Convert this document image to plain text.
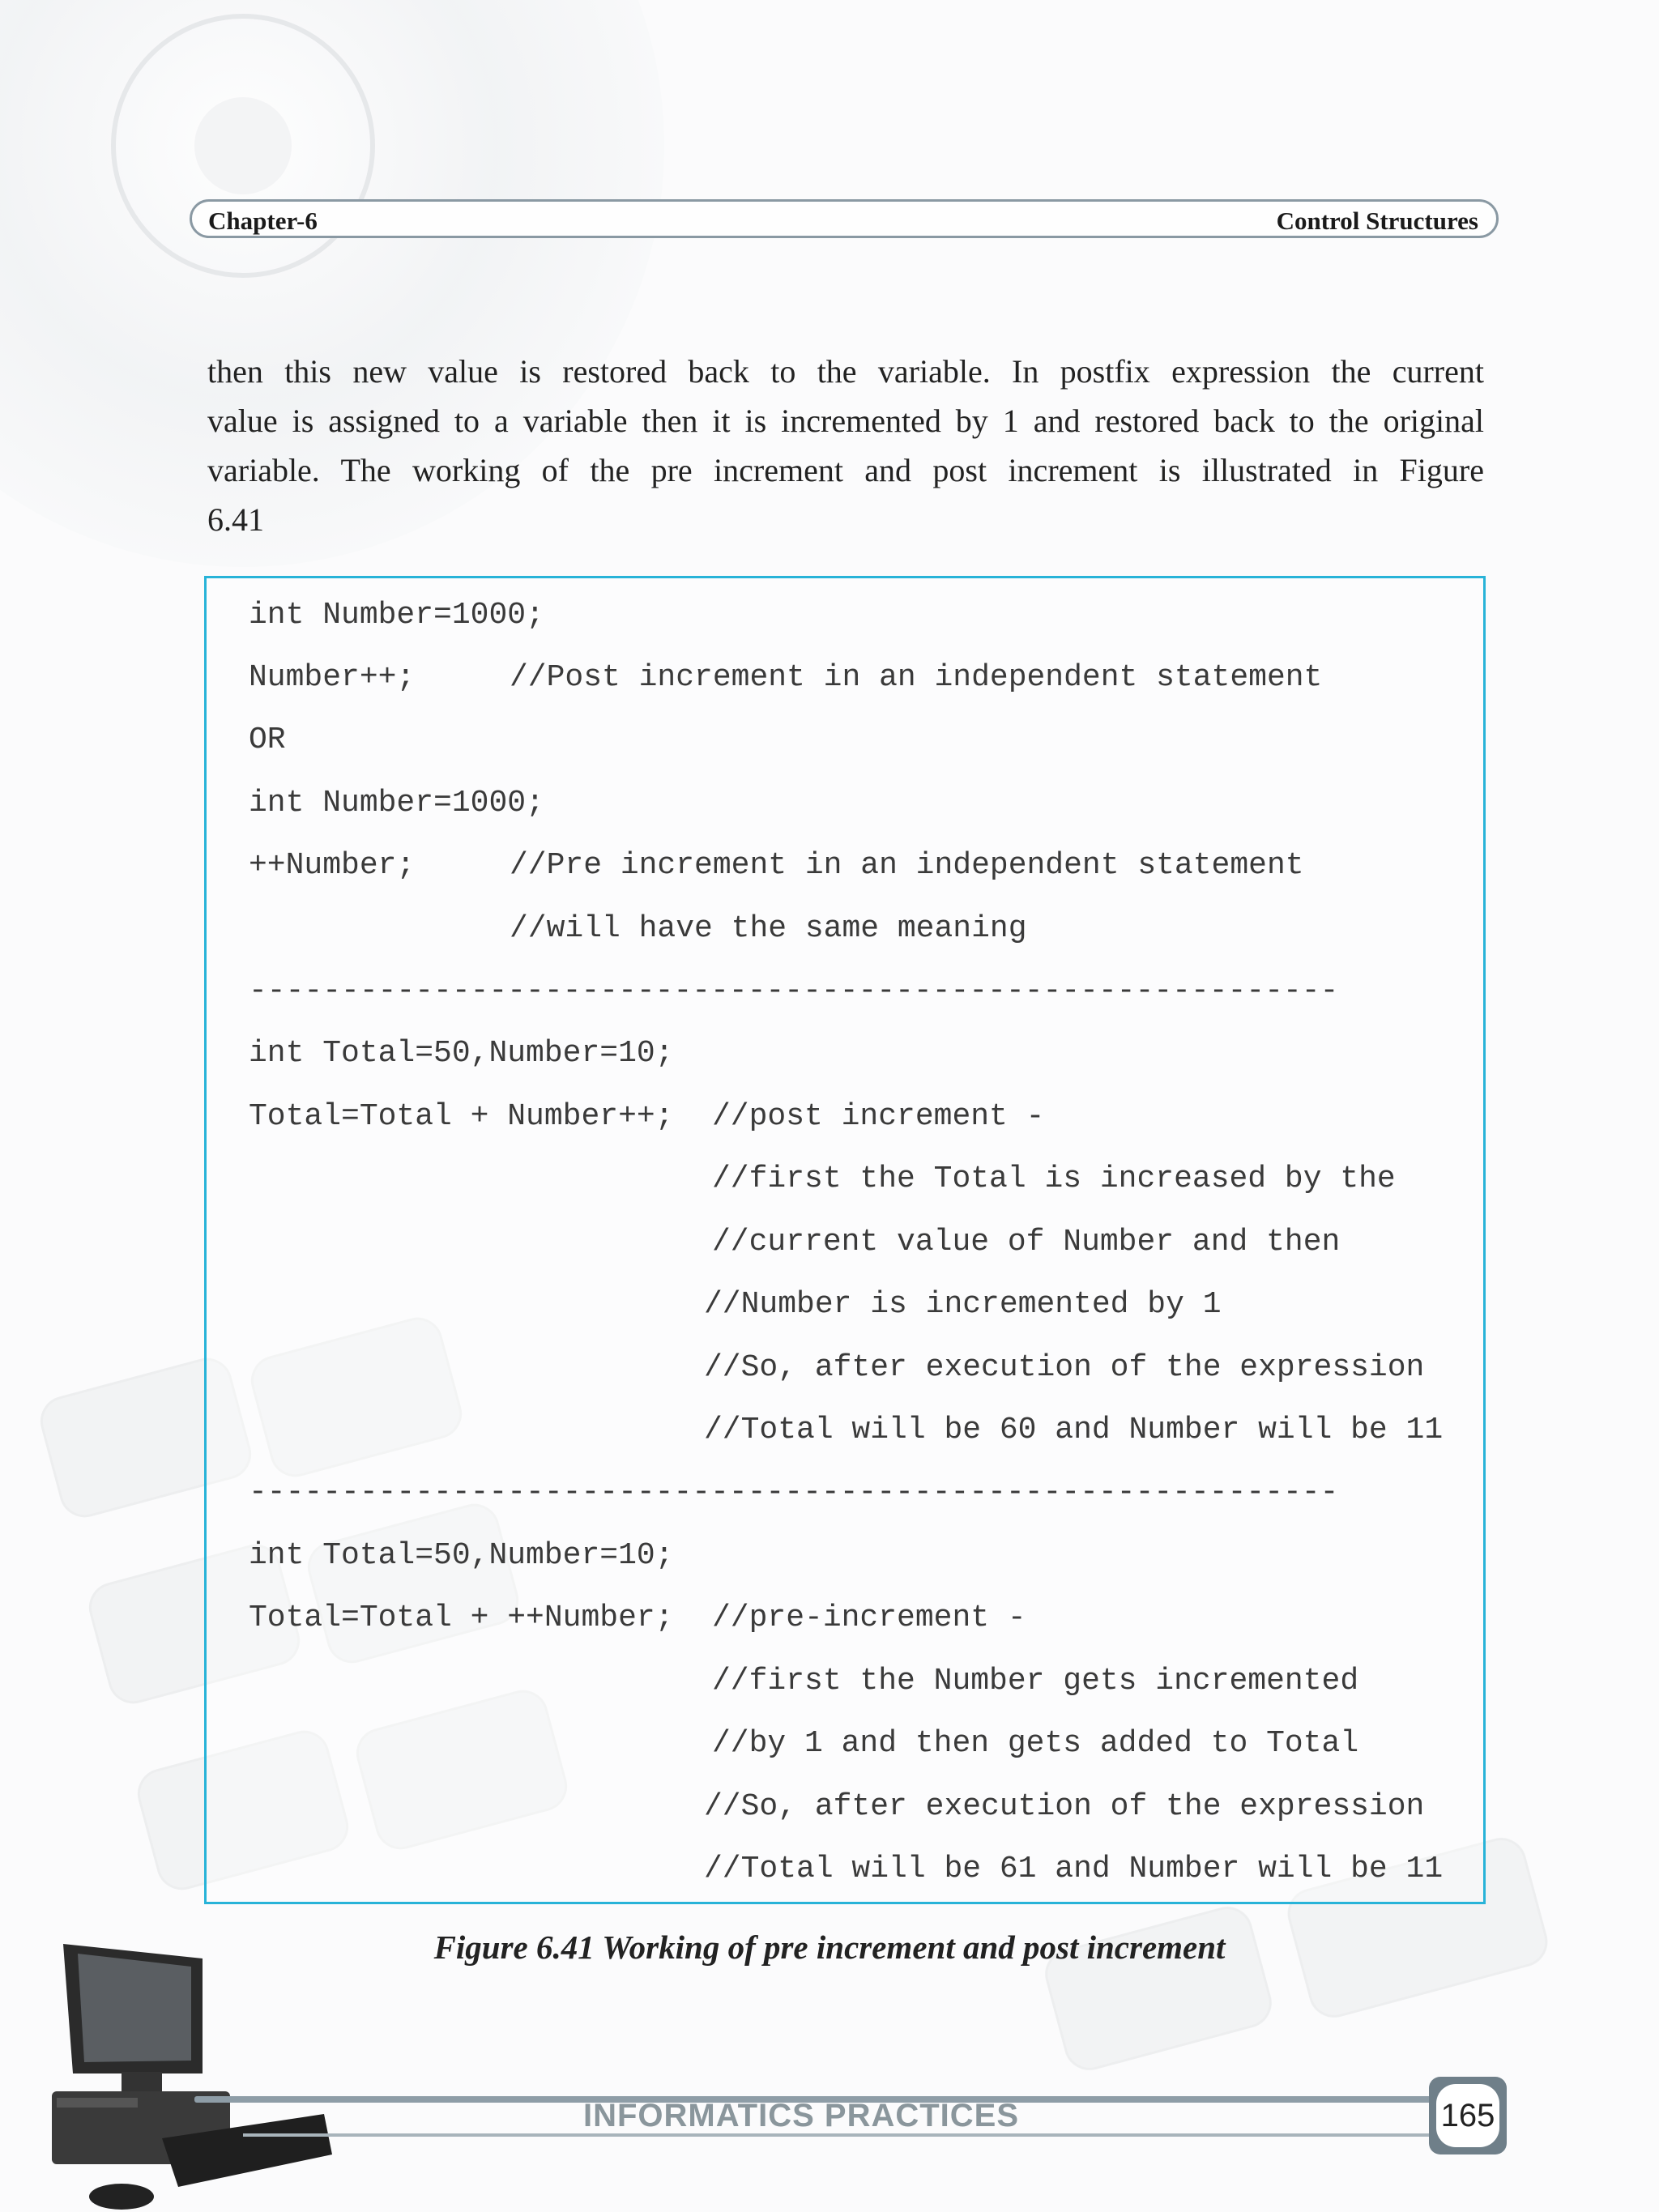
Chapter-6	Control Structures
then this new value is restored back to the variable. In postfix expression the current
value is assigned to a variable then it is incremented by 1 and restored back to the original
variable. The working of the pre increment and post increment is illustrated in Figure
6.41
int Number=1000;
Number++;	//Post increment in an independent statement
OR
int Number=1000;
++Number;	//Pre increment in an independent statement
//will have the same meaning
-----------------------------------------------------------
int Total=50,Number=10;
Total=Total + Number++; //post increment -
//first the Total is increased by the
//current value of Number and then
//Number is incremented by 1
//So, after execution of the expression
//Total will be 60 and Number will be 11
-----------------------------------------------------------
int Total=50,Number=10;
Total=Total + ++Number; //pre-increment -
//first the Number gets incremented
//by 1 and then gets added to Total
//So, after execution of the expression
//Total will be 61 and Number will be 11
Figure 6.41 Working of pre increment and post increment
INFORMATICS PRACTICES	165
